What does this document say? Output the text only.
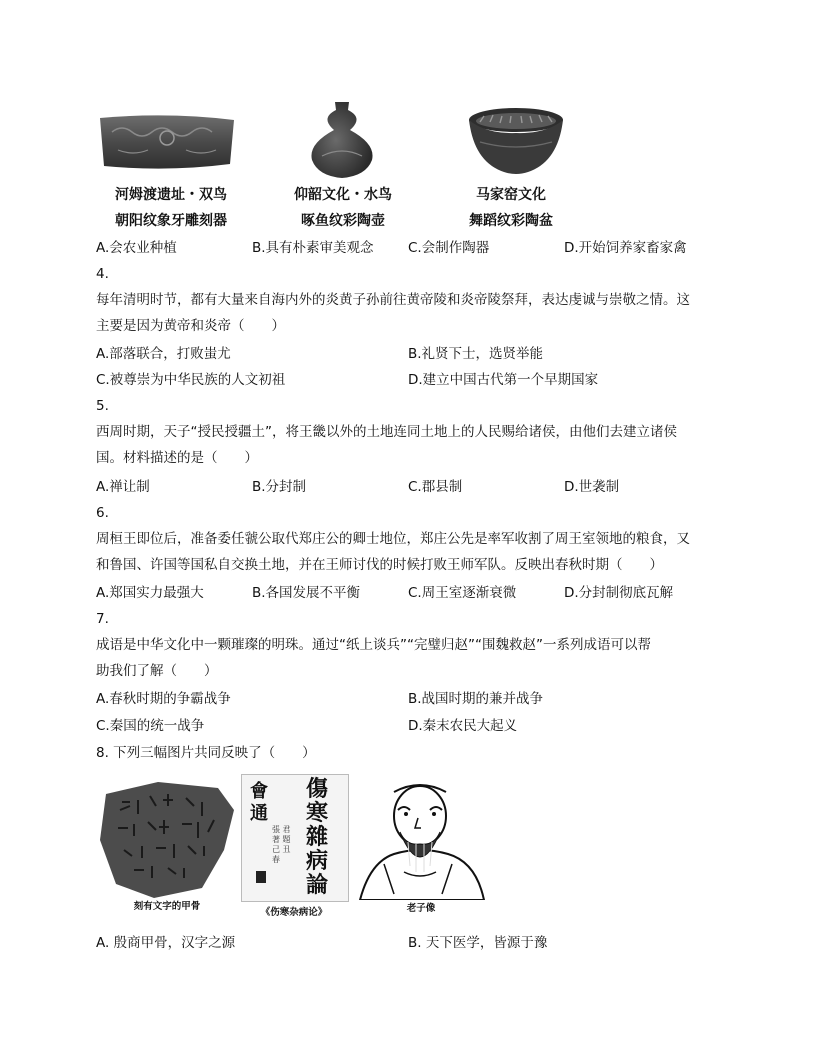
河姆渡遗址・双鸟
朝阳纹象牙雕刻器
仰韶文化・水鸟
啄鱼纹彩陶壶
马家窑文化
舞蹈纹彩陶盆
A.会农业种植	B.具有朴素审美观念	C.会制作陶器	D.开始饲养家畜家禽
4.
每年清明时节，都有大量来自海内外的炎黄子孙前往黄帝陵和炎帝陵祭拜，表达虔诚与崇敬之情。这
主要是因为黄帝和炎帝（　　）
A.部落联合，打败蚩尤	B.礼贤下士，选贤举能
C.被尊崇为中华民族的人文初祖	D.建立中国古代第一个早期国家
5.
西周时期，天子“授民授疆土”，将王畿以外的土地连同土地上的人民赐给诸侯，由他们去建立诸侯
国。材料描述的是（　　）
A.禅让制	B.分封制	C.郡县制	D.世袭制
6.
周桓王即位后，准备委任虢公取代郑庄公的卿士地位，郑庄公先是率军收割了周王室领地的粮食，又
和鲁国、许国等国私自交换土地，并在王师讨伐的时候打败王师军队。反映出春秋时期（　　）
A.郑国实力最强大	B.各国发展不平衡	C.周王室逐渐衰微	D.分封制彻底瓦解
7.
成语是中华文化中一颗璀璨的明珠。通过“纸上谈兵”“完璧归赵”“围魏救赵”一系列成语可以帮
助我们了解（　　）
A.春秋时期的争霸战争	B.战国时期的兼并战争
C.秦国的统一战争	D.秦末农民大起义
8. 下列三幅图片共同反映了（　　）
刻有文字的甲骨
會通
張 君 著 題 己 丑 春
傷寒雜病論
《伤寒杂病论》	老子像
A. 殷商甲骨，汉字之源	B. 天下医学，皆源于豫
